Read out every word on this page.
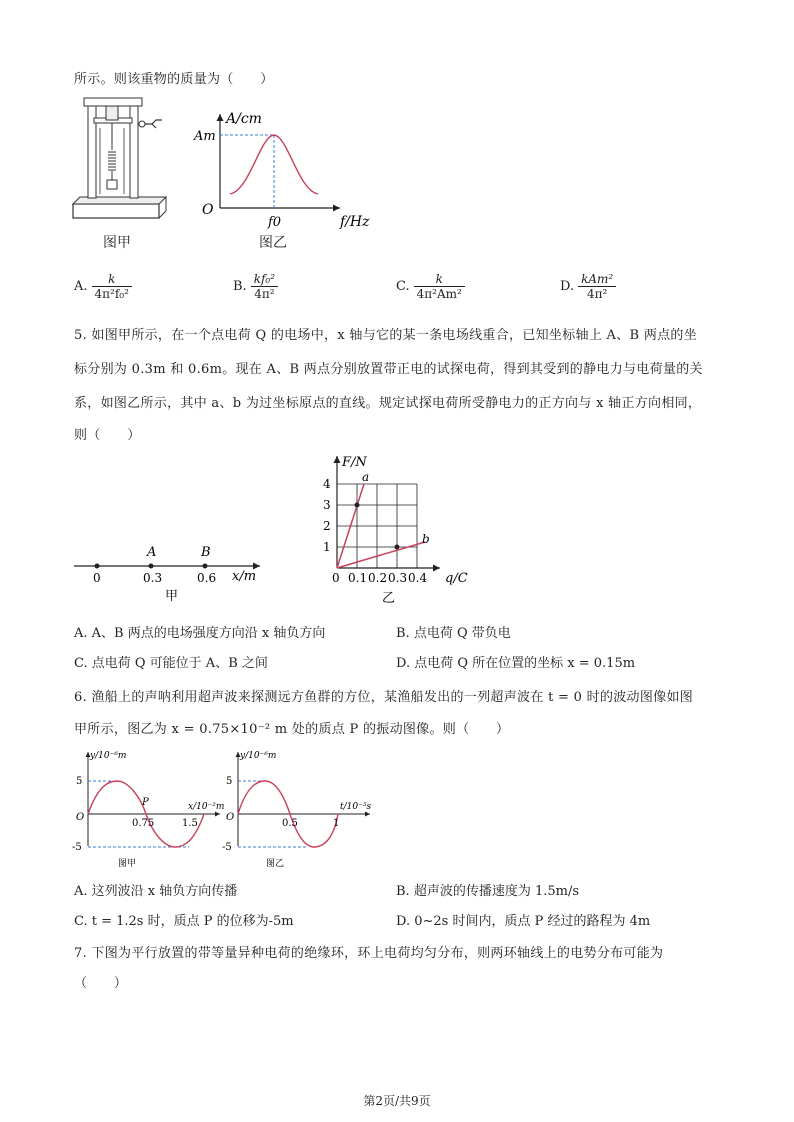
所示。则该重物的质量为（　　）
图甲
A/cm
Am
O
f0	f/Hz
图乙
A. $\frac{k}{\text{4π²f₀²}}$	B. $\frac{\text{kf₀²}}{\text{4π²}}$	C. $\frac{k}{\text{4π²Am²}}$	D. $\frac{\text{kAm²}}{\text{4π²}}$
5. 如图甲所示，在一个点电荷 Q 的电场中，x 轴与它的某一条电场线重合，已知坐标轴上 A、B 两点的坐
标分别为 0.3m 和 0.6m。现在 A、B 两点分别放置带正电的试探电荷，得到其受到的静电力与电荷量的关
系，如图乙所示，其中 a、b 为过坐标原点的直线。规定试探电荷所受静电力的正方向与 x 轴正方向相同，
则（　　）
A	B
0	0.3	0.6 x/m
甲
F/N
a
b
1
2
3
4
0 0.1 0.2 0.3 0.4 q/C
乙
A. A、B 两点的电场强度方向沿 x 轴负方向	B. 点电荷 Q 带负电
C. 点电荷 Q 可能位于 A、B 之间	D. 点电荷 Q 所在位置的坐标 x = 0.15m
6. 渔船上的声呐利用超声波来探测远方鱼群的方位，某渔船发出的一列超声波在 t = 0 时的波动图像如图
甲所示，图乙为 x = 0.75×10⁻² m 处的质点 P 的振动图像。则（　　）
y/10⁻⁶m
x/10⁻²m
5
-5
O
0.75	1.5
P
图甲
y/10⁻⁶m
t/10⁻⁵s
5
-5
O
0.5	1
图乙
A. 这列波沿 x 轴负方向传播	B. 超声波的传播速度为 1.5m/s
C. t = 1.2s 时，质点 P 的位移为-5m	D. 0~2s 时间内，质点 P 经过的路程为 4m
7. 下图为平行放置的带等量异种电荷的绝缘环，环上电荷均匀分布，则两环轴线上的电势分布可能为
（　　）
第2页/共9页
